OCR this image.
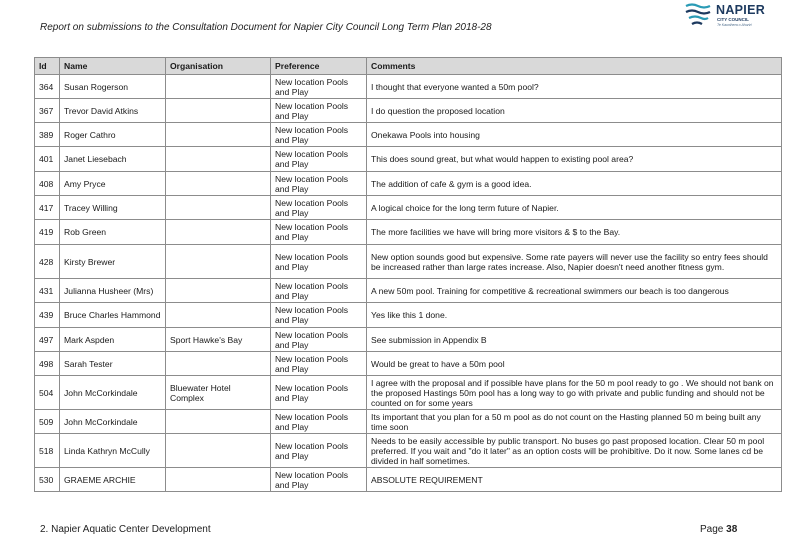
Report on submissions to the Consultation Document for Napier City Council Long Term Plan 2018-28
NAPIER
CITY COUNCIL
Te Kaunihera o Ahuriri
Id	Name	Organisation	Preference	Comments
364	Susan Rogerson		New location Pools and Play	I thought that everyone wanted a 50m pool?
367	Trevor David Atkins		New location Pools and Play	I do question the proposed location
389	Roger Cathro		New location Pools and Play	Onekawa Pools into housing
401	Janet Liesebach		New location Pools and Play	This does sound great, but what would happen to existing pool area?
408	Amy Pryce		New location Pools and Play	The addition of cafe & gym is a good idea.
417	Tracey Willing		New location Pools and Play	A logical choice for the long term future of Napier.
419	Rob Green		New location Pools and Play	The more facilities we have will bring more visitors & $ to the Bay.
428	Kirsty Brewer		New location Pools and Play	New option sounds good but expensive. Some rate payers will never use the facility so entry fees should be increased rather than large rates increase. Also, Napier doesn't need another fitness gym.
431	Julianna Husheer (Mrs)		New location Pools and Play	A new 50m pool. Training for competitive & recreational swimmers our beach is too dangerous
439	Bruce Charles Hammond		New location Pools and Play	Yes like this 1 done.
497	Mark Aspden	Sport Hawke's Bay	New location Pools and Play	See submission in Appendix B
498	Sarah Tester		New location Pools and Play	Would be great to have a 50m pool
504	John McCorkindale	Bluewater Hotel Complex	New location Pools and Play	I agree with the proposal and if possible have plans for the 50 m pool ready to go . We should not bank on the proposed Hastings 50m pool has a long way to go with private and public funding and should not be counted on for some years
509	John McCorkindale		New location Pools and Play	Its important that you plan for a 50 m pool as do not count on the Hasting planned 50 m being built any time soon
518	Linda Kathryn McCully		New location Pools and Play	Needs to be easily accessible by public transport. No buses go past proposed location. Clear 50 m pool preferred. If you wait and "do it later" as an option costs will be prohibitive. Do it now. Some lanes cd be divided in half sometimes.
530	GRAEME ARCHIE		New location Pools and Play	ABSOLUTE REQUIREMENT
2. Napier Aquatic Center Development	Page 38
